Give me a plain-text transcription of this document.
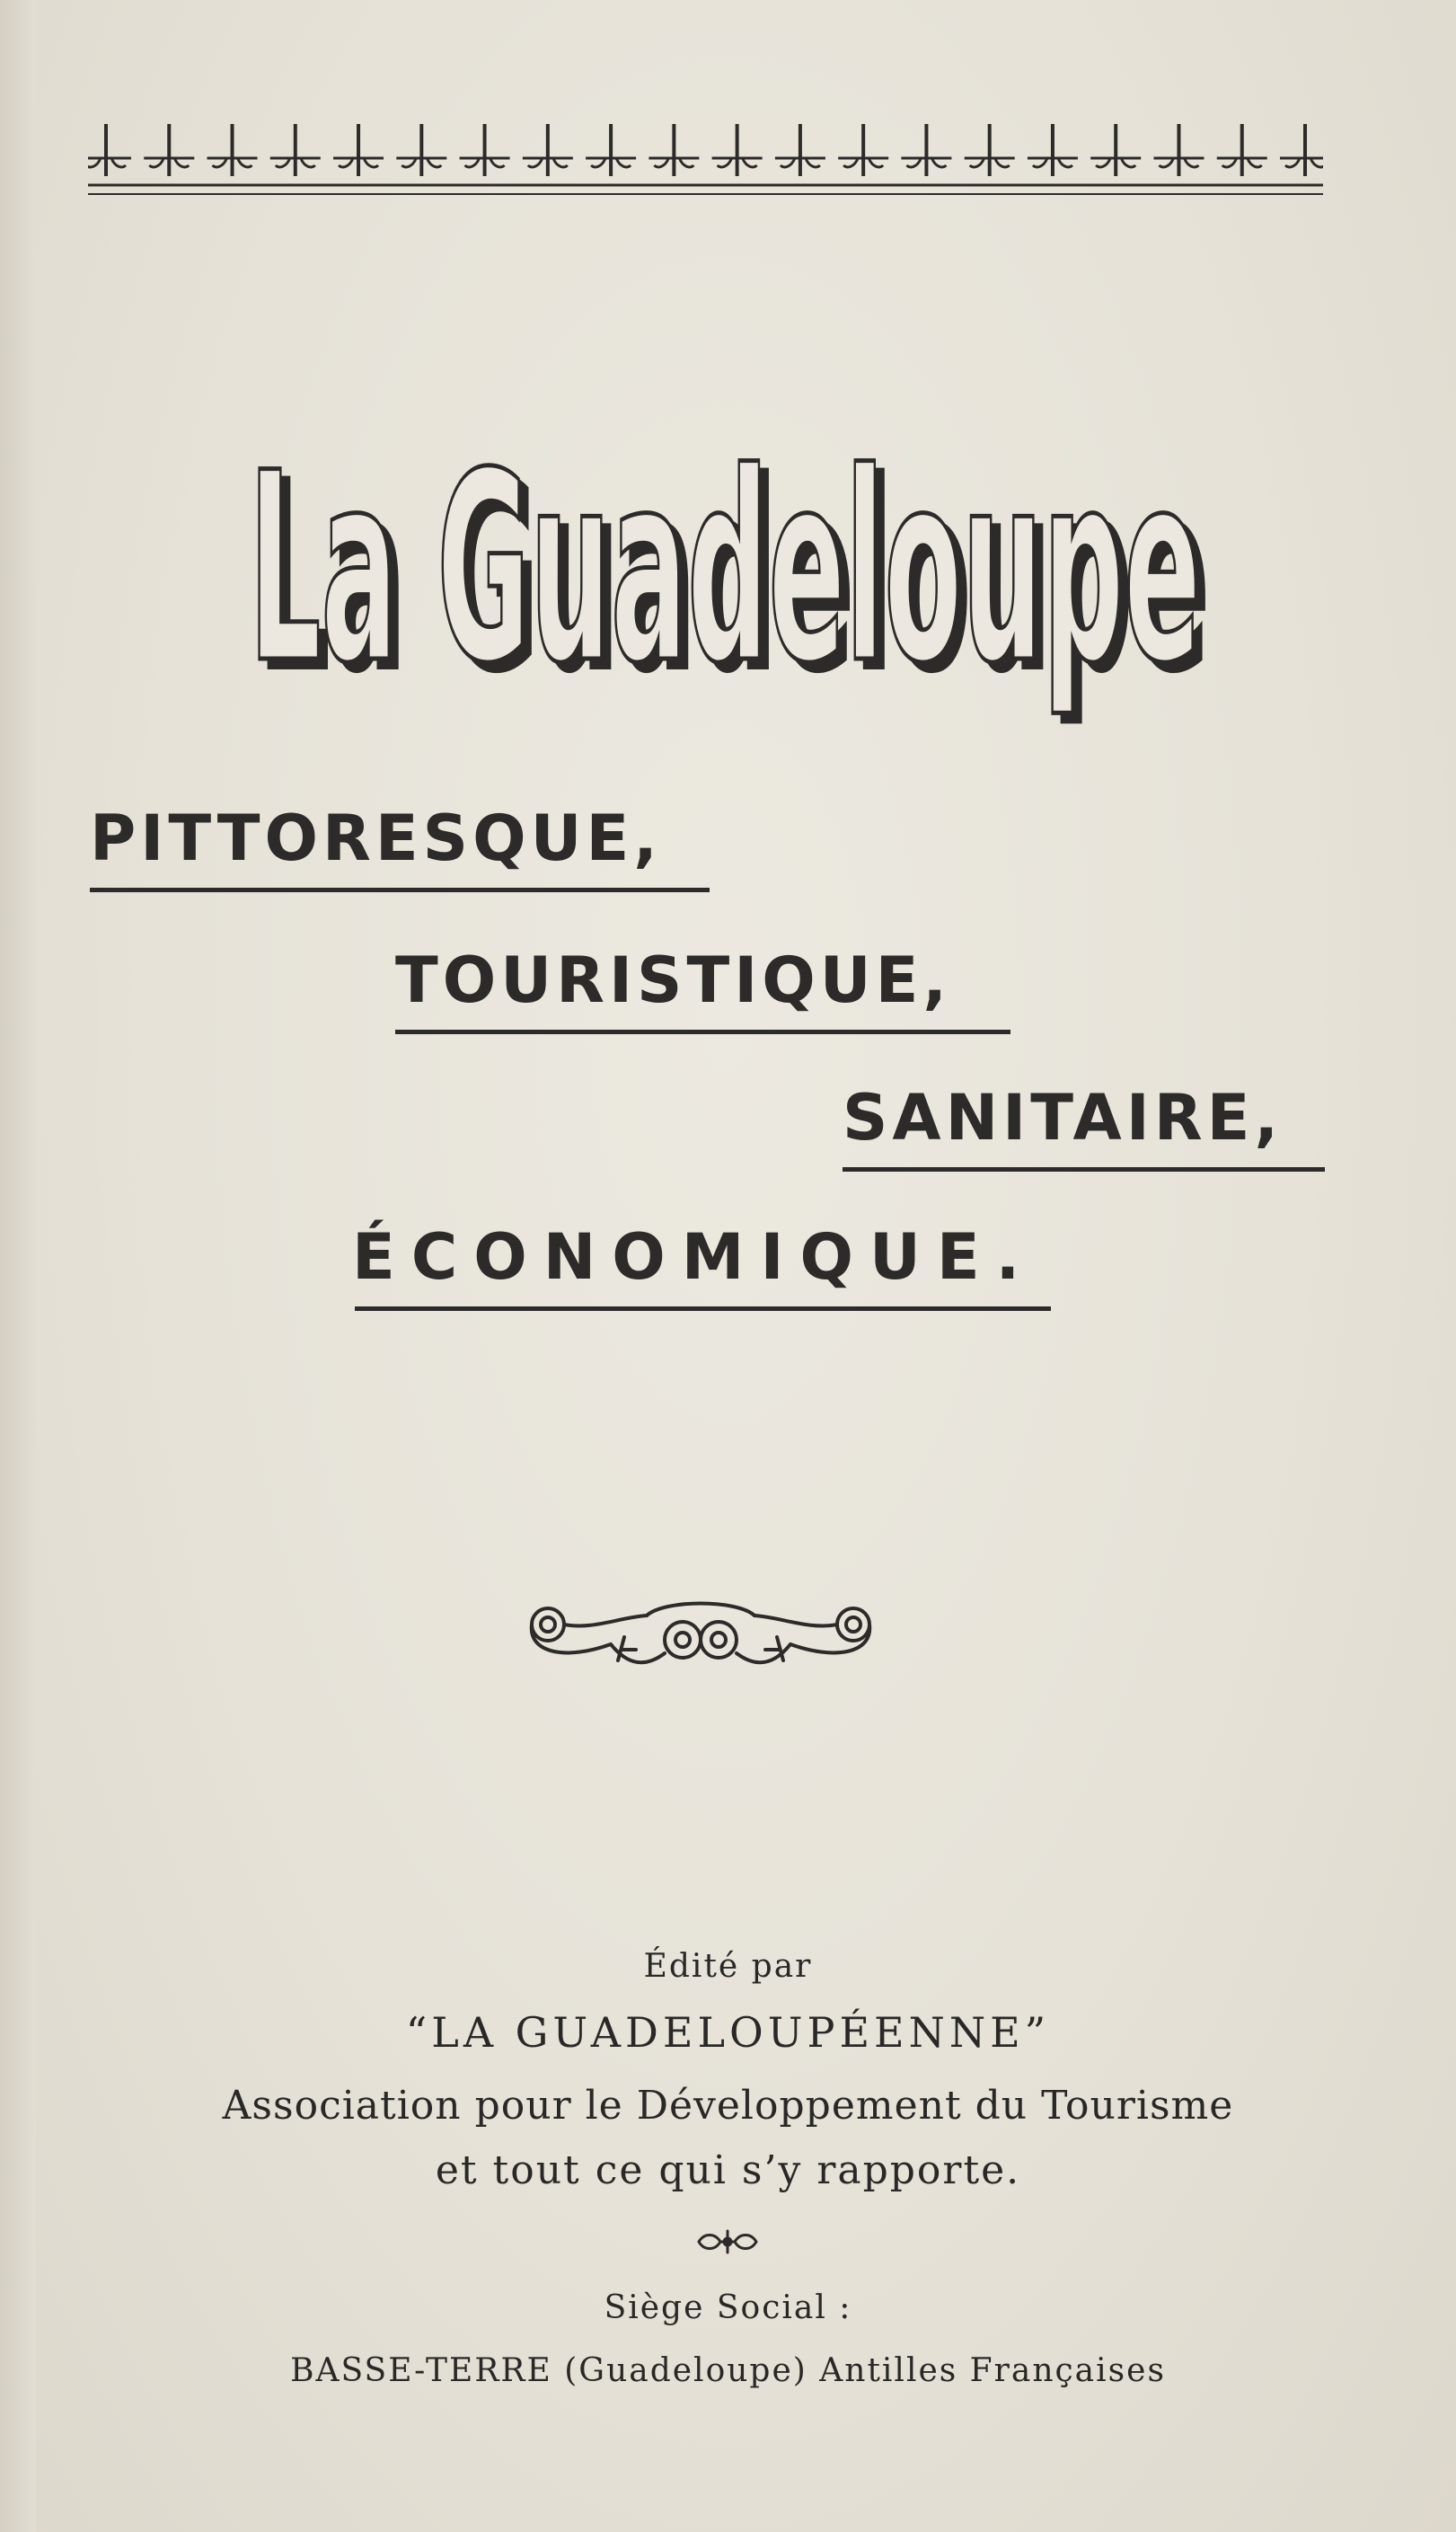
La Guadeloupe
La Guadeloupe
PITTORESQUE,
TOURISTIQUE,
SANITAIRE,
ÉCONOMIQUE.
Édité par
“LA GUADELOUPÉENNE”
Association pour le Développement du Tourisme
et tout ce qui s’y rapporte.
Siège Social :
BASSE-TERRE (Guadeloupe) Antilles Françaises
